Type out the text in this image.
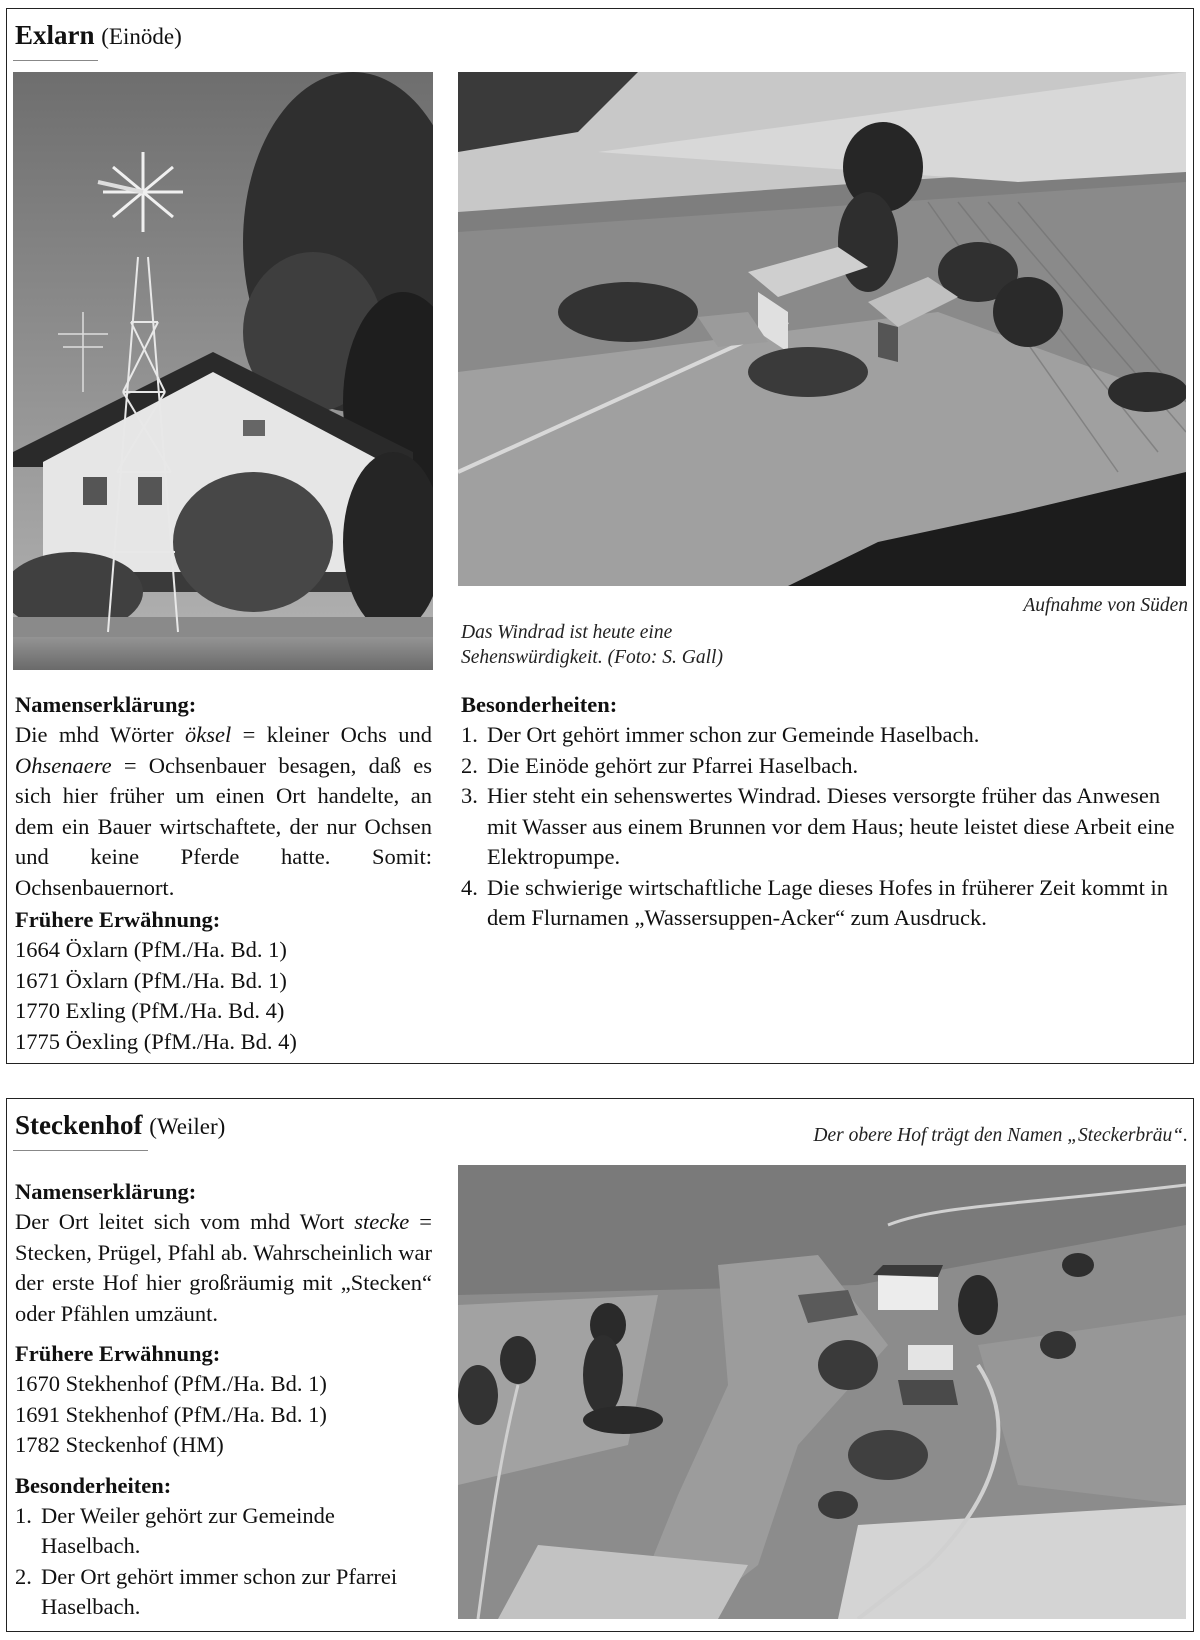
Exlarn (Einöde)
Aufnahme von Süden
Das Windrad ist heute eine
Sehenswürdigkeit. (Foto: S. Gall)
Namenserklärung:
Die mhd Wörter öksel = kleiner Ochs und Ohsenaere = Ochsenbauer besagen, daß es sich hier früher um einen Ort handelte, an dem ein Bauer wirtschaftete, der nur Ochsen und keine Pferde hatte. Somit: Ochsenbauernort.
Frühere Erwähnung:
1664 Öxlarn (PfM./Ha. Bd. 1)
1671 Öxlarn (PfM./Ha. Bd. 1)
1770 Exling (PfM./Ha. Bd. 4)
1775 Öexling (PfM./Ha. Bd. 4)
Besonderheiten:
1. Der Ort gehört immer schon zur Gemeinde Haselbach.
2. Die Einöde gehört zur Pfarrei Haselbach.
3. Hier steht ein sehenswertes Windrad. Dieses versorgte früher das Anwesen mit Wasser aus einem Brunnen vor dem Haus; heute leistet diese Arbeit eine Elektropumpe.
4. Die schwierige wirtschaftliche Lage dieses Hofes in früherer Zeit kommt in dem Flurnamen „Wassersuppen-Acker“ zum Ausdruck.
Steckenhof (Weiler)	Der obere Hof trägt den Namen „Steckerbräu“.
Namenserklärung:
Der Ort leitet sich vom mhd Wort stecke = Stecken, Prügel, Pfahl ab. Wahrscheinlich war der erste Hof hier großräumig mit „Stecken“ oder Pfählen umzäunt.
Frühere Erwähnung:
1670 Stekhenhof (PfM./Ha. Bd. 1)
1691 Stekhenhof (PfM./Ha. Bd. 1)
1782 Steckenhof (HM)
Besonderheiten:
1. Der Weiler gehört zur Gemeinde Haselbach.
2. Der Ort gehört immer schon zur Pfarrei Haselbach.
